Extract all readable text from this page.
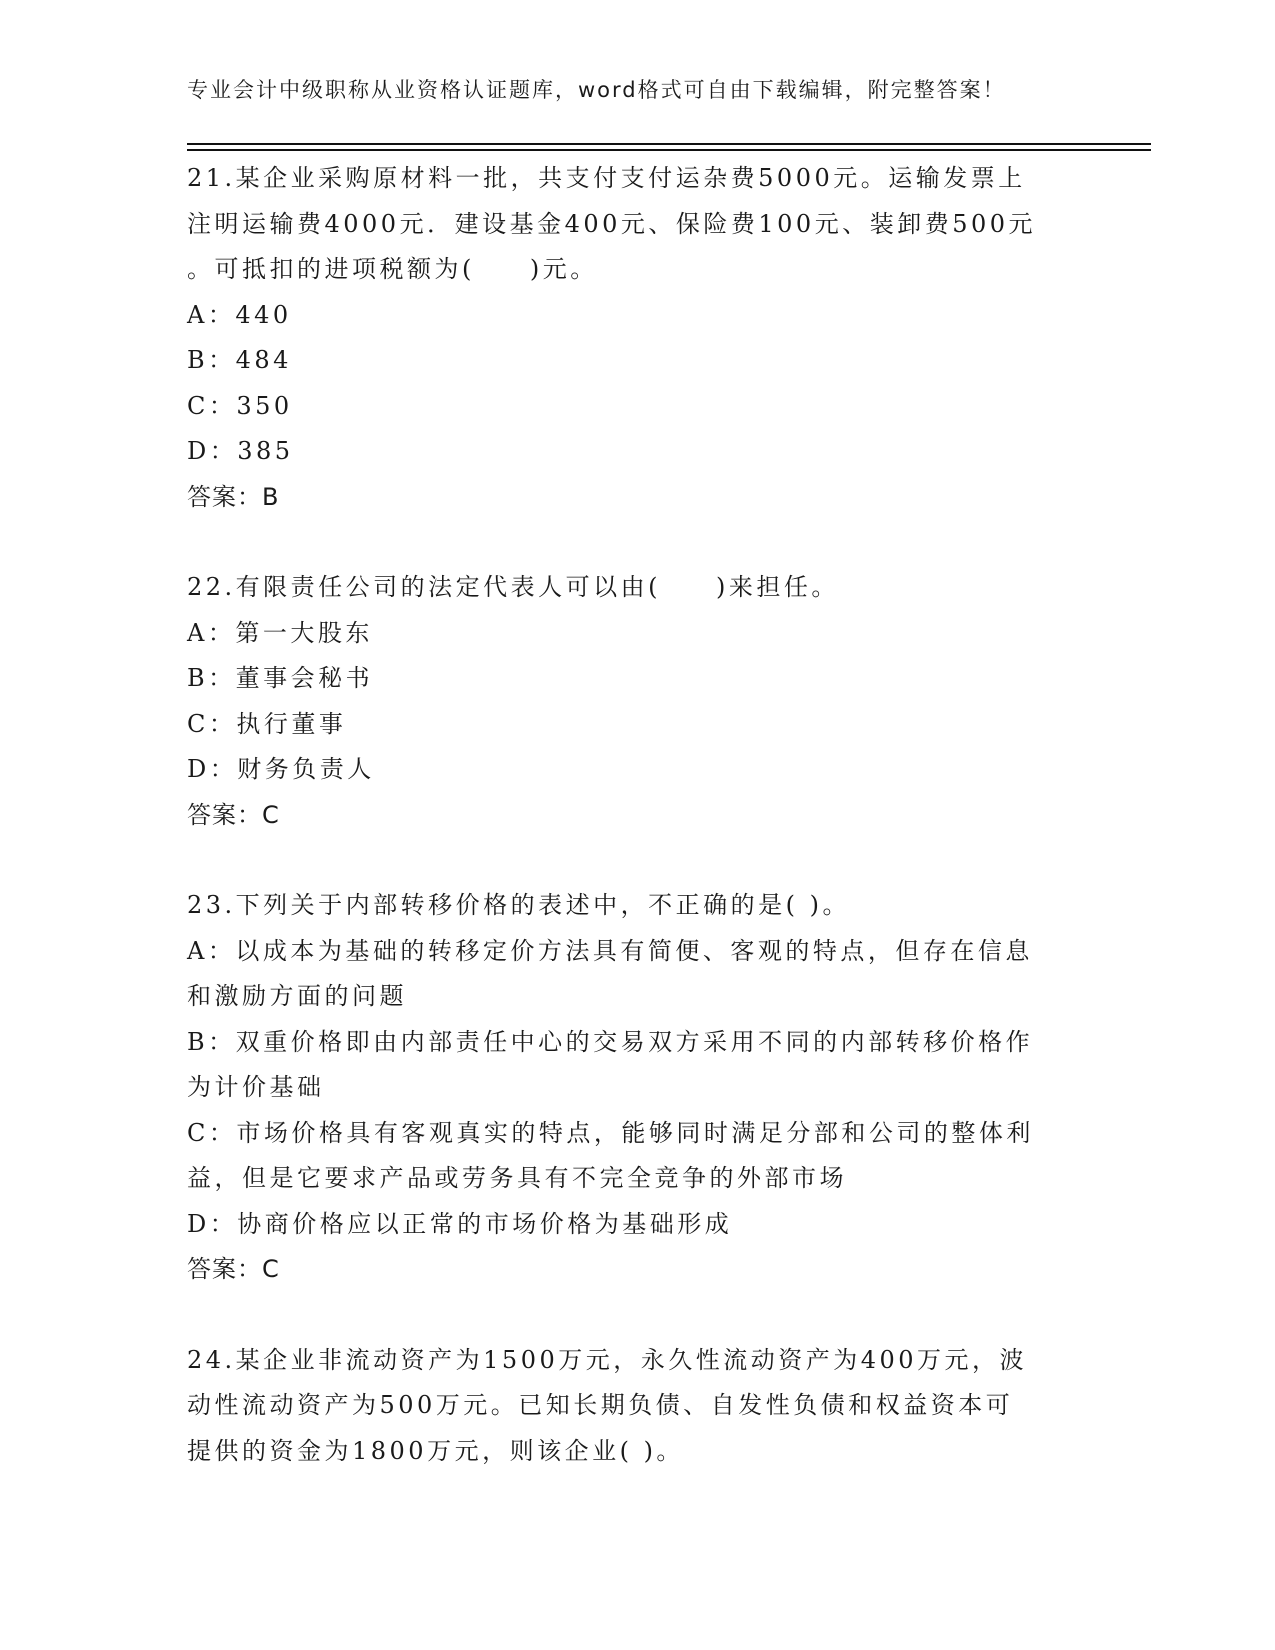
专业会计中级职称从业资格认证题库，word格式可自由下载编辑，附完整答案！
21.某企业采购原材料一批，共支付支付运杂费5000元。运输发票上
注明运输费4000元．建设基金400元、保险费100元、装卸费500元
。可抵扣的进项税额为(　　)元。
A：440
B：484
C：350
D：385
答案：B
22.有限责任公司的法定代表人可以由(　　)来担任。
A：第一大股东
B：董事会秘书
C：执行董事
D：财务负责人
答案：C
23.下列关于内部转移价格的表述中，不正确的是( )。
A：以成本为基础的转移定价方法具有简便、客观的特点，但存在信息
和激励方面的问题
B：双重价格即由内部责任中心的交易双方采用不同的内部转移价格作
为计价基础
C：市场价格具有客观真实的特点，能够同时满足分部和公司的整体利
益，但是它要求产品或劳务具有不完全竞争的外部市场
D：协商价格应以正常的市场价格为基础形成
答案：C
24.某企业非流动资产为1500万元，永久性流动资产为400万元，波
动性流动资产为500万元。已知长期负债、自发性负债和权益资本可
提供的资金为1800万元，则该企业( )。
